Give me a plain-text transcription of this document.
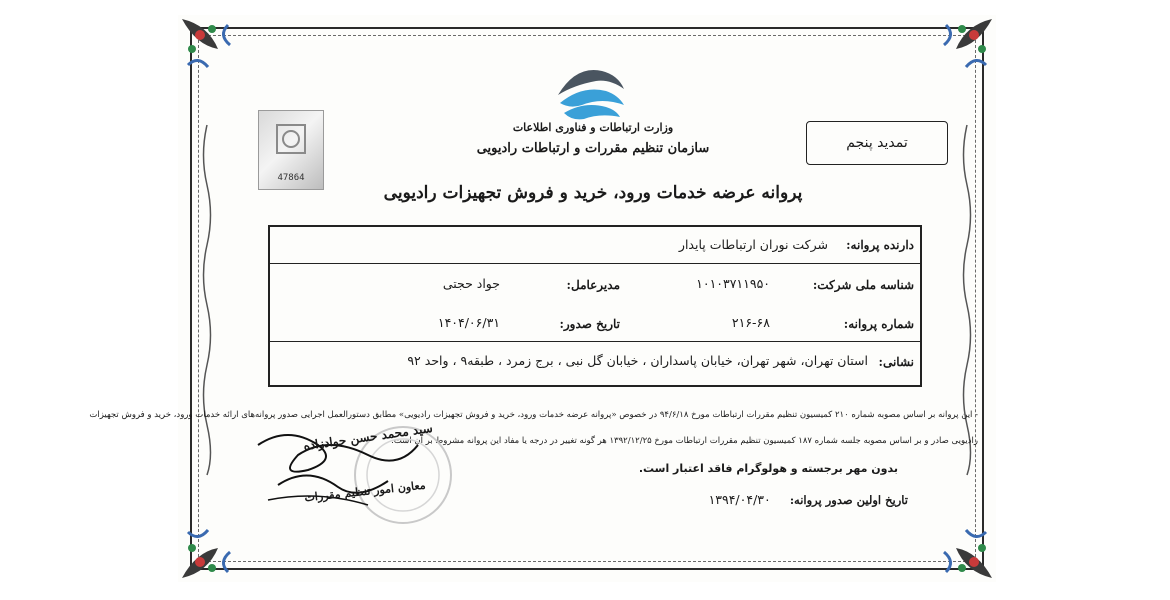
47864
وزارت ارتباطات و فناوری اطلاعات
سازمان تنظیم مقررات و ارتباطات رادیویی
پروانه عرضه خدمات ورود، خرید و فروش تجهیزات رادیویی
تمدید پنجم
دارنده پروانه:
شرکت نوران ارتباطات پایدار
شناسه ملی شرکت:
۱۰۱۰۳۷۱۱۹۵۰
مدیرعامل:
جواد حجتی
شماره پروانه:
۲۱۶-۶۸
تاریخ صدور:
۱۴۰۴/۰۶/۳۱
نشانی:
استان تهران، شهر تهران، خیابان پاسداران ، خیابان گل نبی ، برج زمرد ، طبقه۹ ، واحد ۹۲
- این پروانه بر اساس مصوبه شماره ۲۱۰ کمیسیون تنظیم مقررات ارتباطات مورخ ۹۴/۶/۱۸ در خصوص «پروانه عرضه خدمات ورود، خرید و فروش تجهیزات رادیویی» مطابق دستورالعمل اجرایی صدور پروانه‌های ارائه خدمات ورود، خرید و فروش تجهیزات
رادیویی صادر و بر اساس مصوبه جلسه شماره ۱۸۷ کمیسیون تنظیم مقررات ارتباطات مورخ ۱۳۹۲/۱۲/۲۵ هر گونه تغییر در درجه یا مفاد این پروانه مشروط بر آن است.
بدون مهر برجسته و هولوگرام فاقد اعتبار است.
تاریخ اولین صدور پروانه: ۱۳۹۴/۰۴/۳۰
سید محمد حسن جوادزاده
معاون امور تنظیم مقررات
